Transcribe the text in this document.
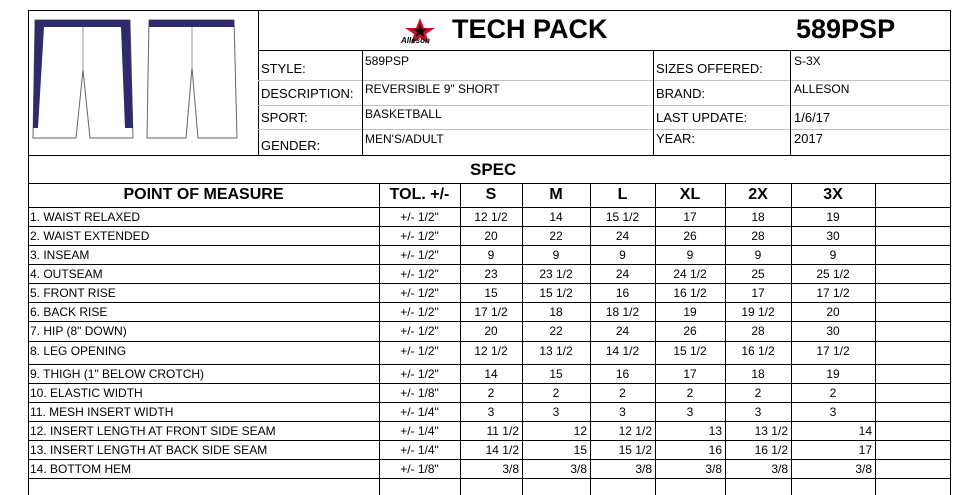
Alleson TECH PACK	589PSP
STYLE:	589PSP
DESCRIPTION: REVERSIBLE 9" SHORT
SPORT:	BASKETBALL
GENDER:	MEN'S/ADULT
SIZES OFFERED:	S-3X
BRAND:	ALLESON
LAST UPDATE:	1/6/17
YEAR:	2017
SPEC
POINT OF MEASURE	TOL. +/-	S	M	L	XL	2X	3X
1. WAIST RELAXED	+/- 1/2"	12 1/2	14	15 1/2	17	18	19
2. WAIST EXTENDED	+/- 1/2"	20	22	24	26	28	30
3. INSEAM	+/- 1/2"	9	9	9	9	9	9
4. OUTSEAM	+/- 1/2"	23	23 1/2	24	24 1/2	25	25 1/2
5. FRONT RISE	+/- 1/2"	15	15 1/2	16	16 1/2	17	17 1/2
6. BACK RISE	+/- 1/2"	17 1/2	18	18 1/2	19	19 1/2	20
7. HIP (8" DOWN)	+/- 1/2"	20	22	24	26	28	30
8. LEG OPENING	+/- 1/2"	12 1/2	13 1/2	14 1/2	15 1/2	16 1/2	17 1/2
9. THIGH (1" BELOW CROTCH)	+/- 1/2"	14	15	16	17	18	19
10. ELASTIC WIDTH	+/- 1/8"	2	2	2	2	2	2
11. MESH INSERT WIDTH	+/- 1/4"	3	3	3	3	3	3
12. INSERT LENGTH AT FRONT SIDE SEAM	+/- 1/4"	11 1/2	12	12 1/2	13	13 1/2	14
13. INSERT LENGTH AT BACK SIDE SEAM	+/- 1/4"	14 1/2	15	15 1/2	16	16 1/2	17
14. BOTTOM HEM	+/- 1/8"	3/8	3/8	3/8	3/8	3/8	3/8
